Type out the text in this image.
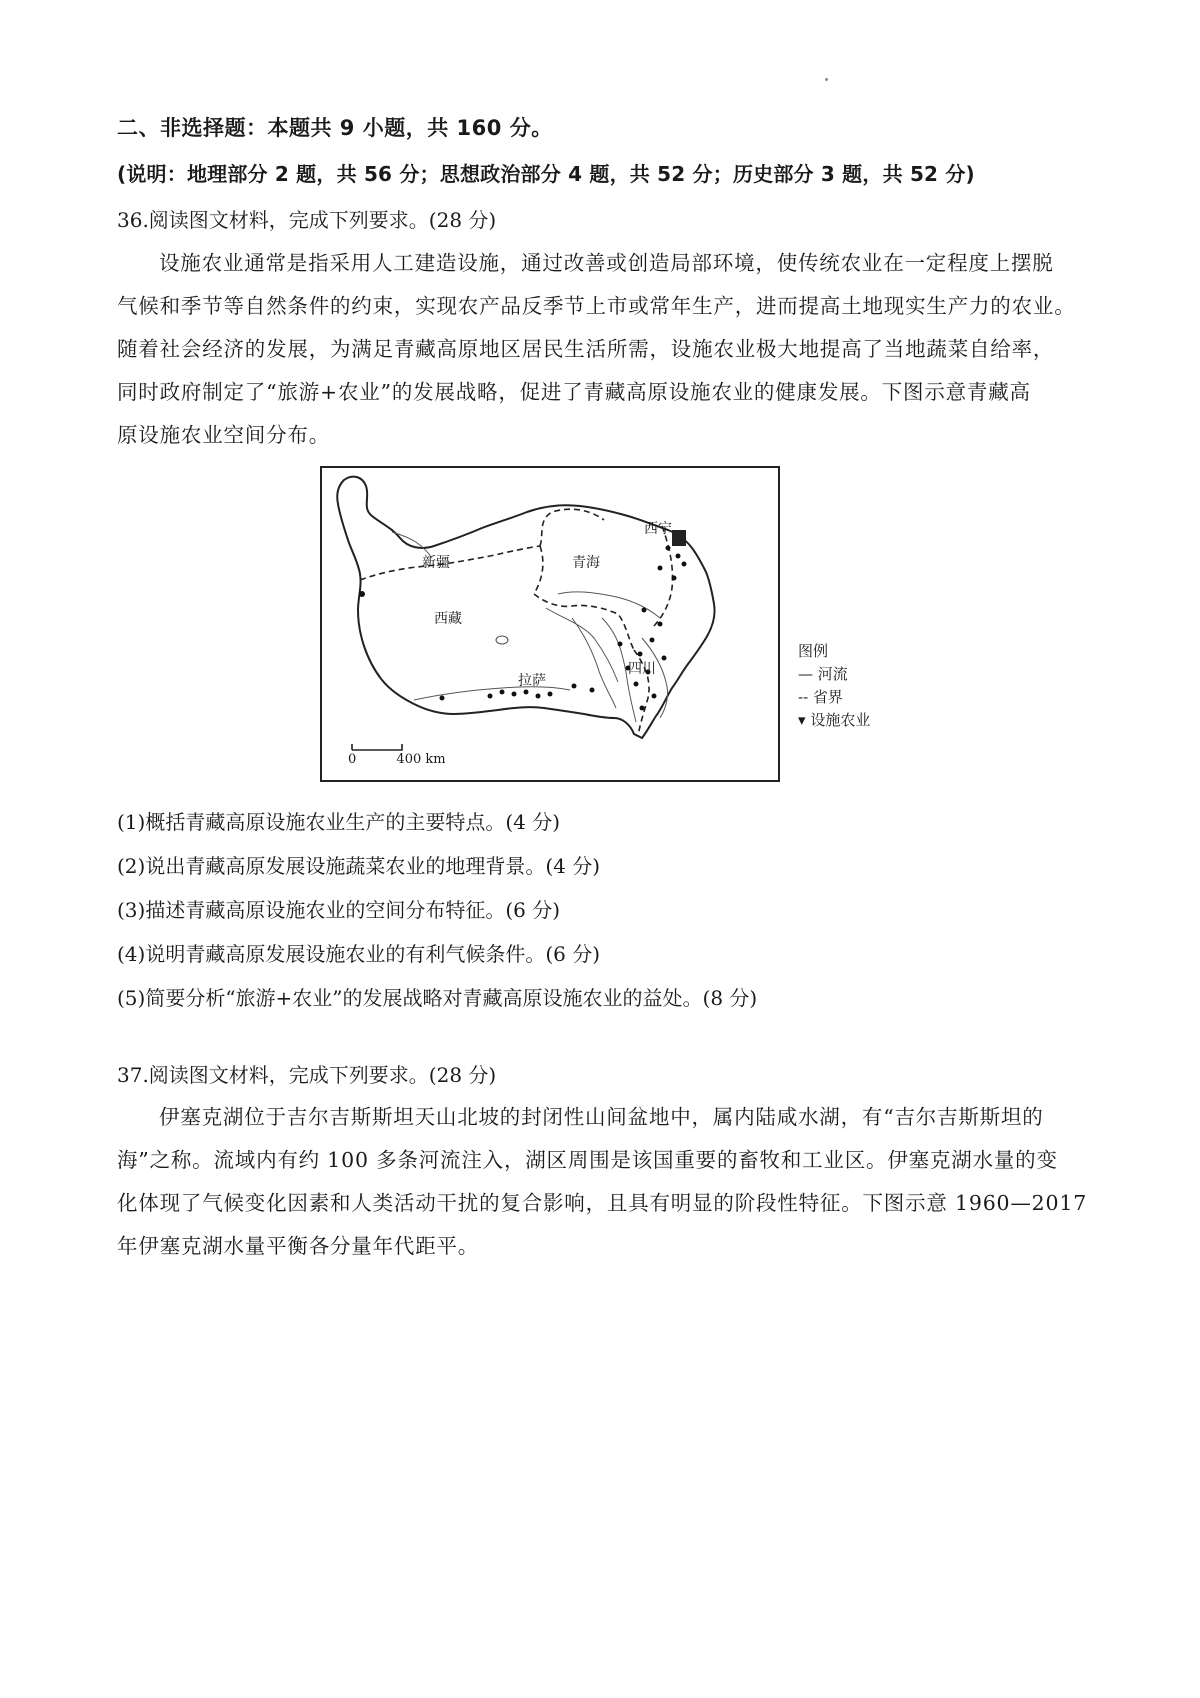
二、非选择题：本题共 9 小题，共 160 分。
(说明：地理部分 2 题，共 56 分；思想政治部分 4 题，共 52 分；历史部分 3 题，共 52 分)
36.阅读图文材料，完成下列要求。(28 分)
设施农业通常是指采用人工建造设施，通过改善或创造局部环境，使传统农业在一定程度上摆脱
气候和季节等自然条件的约束，实现农产品反季节上市或常年生产，进而提高土地现实生产力的农业。
随着社会经济的发展，为满足青藏高原地区居民生活所需，设施农业极大地提高了当地蔬菜自给率，
同时政府制定了“旅游+农业”的发展战略，促进了青藏高原设施农业的健康发展。下图示意青藏高
原设施农业空间分布。
新疆	青海
西宁
西藏
拉萨
四川
0	400 km
图例
— 河流
-- 省界
▾ 设施农业
(1)概括青藏高原设施农业生产的主要特点。(4 分)
(2)说出青藏高原发展设施蔬菜农业的地理背景。(4 分)
(3)描述青藏高原设施农业的空间分布特征。(6 分)
(4)说明青藏高原发展设施农业的有利气候条件。(6 分)
(5)简要分析“旅游+农业”的发展战略对青藏高原设施农业的益处。(8 分)
37.阅读图文材料，完成下列要求。(28 分)
伊塞克湖位于吉尔吉斯斯坦天山北坡的封闭性山间盆地中，属内陆咸水湖，有“吉尔吉斯斯坦的
海”之称。流域内有约 100 多条河流注入，湖区周围是该国重要的畜牧和工业区。伊塞克湖水量的变
化体现了气候变化因素和人类活动干扰的复合影响，且具有明显的阶段性特征。下图示意 1960—2017
年伊塞克湖水量平衡各分量年代距平。
